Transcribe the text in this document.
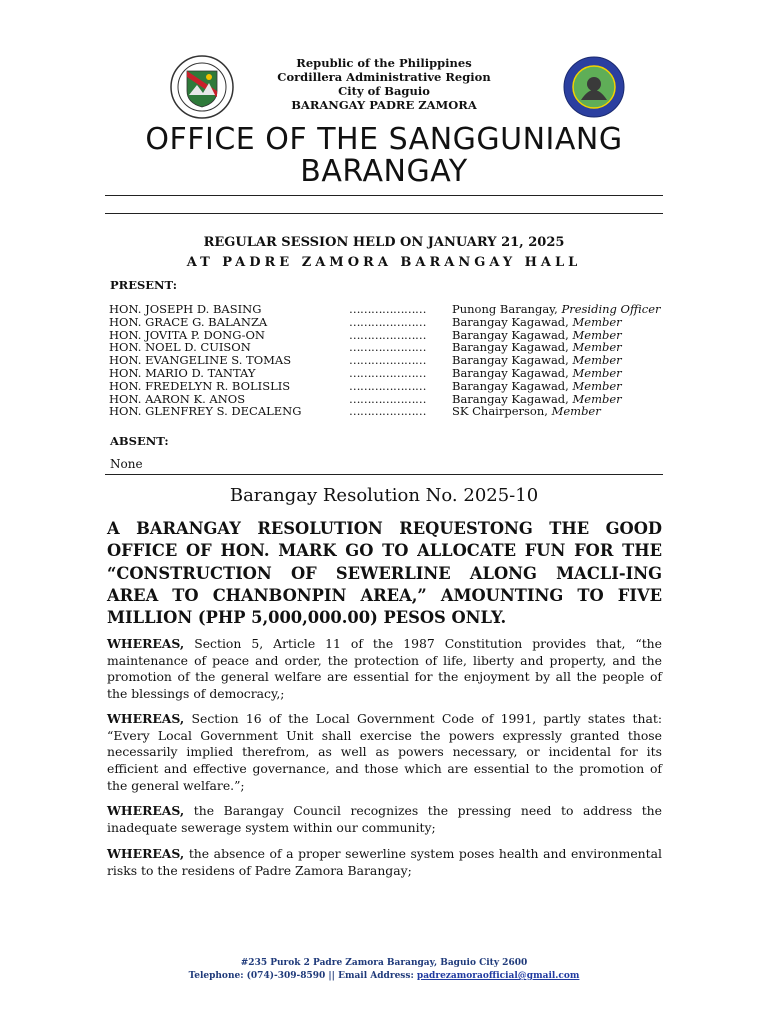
Republic of the Philippines
Cordillera Administrative Region
City of Baguio
BARANGAY PADRE ZAMORA
OFFICE OF THE SANGGUNIANG
BARANGAY
REGULAR SESSION HELD ON JANUARY 21, 2025
AT PADRE ZAMORA BARANGAY HALL
PRESENT:
HON. JOSEPH D. BASING	………………… Punong Barangay, Presiding Officer
HON. GRACE G. BALANZA	………………… Barangay Kagawad, Member
HON. JOVITA P. DONG-ON	………………… Barangay Kagawad, Member
HON. NOEL D. CUISON	………………… Barangay Kagawad, Member
HON. EVANGELINE S. TOMAS	………………… Barangay Kagawad, Member
HON. MARIO D. TANTAY	………………… Barangay Kagawad, Member
HON. FREDELYN R. BOLISLIS	………………… Barangay Kagawad, Member
HON. AARON K. ANOS	………………… Barangay Kagawad, Member
HON. GLENFREY S. DECALENG	………………… SK Chairperson, Member
ABSENT:
None
Barangay Resolution No. 2025-10
A BARANGAY RESOLUTION REQUESTONG THE GOOD OFFICE OF HON. MARK GO TO ALLOCATE FUN FOR THE “CONSTRUCTION OF SEWERLINE ALONG MACLI-ING AREA TO CHANBONPIN AREA,” AMOUNTING TO FIVE MILLION (PHP 5,000,000.00) PESOS ONLY.
WHEREAS, Section 5, Article 11 of the 1987 Constitution provides that, “the maintenance of peace and order, the protection of life, liberty and property, and the promotion of the general welfare are essential for the enjoyment by all the people of the blessings of democracy,;
WHEREAS, Section 16 of the Local Government Code of 1991, partly states that: “Every Local Government Unit shall exercise the powers expressly granted those necessarily implied therefrom, as well as powers necessary, or incidental for its efficient and effective governance, and those which are essential to the promotion of the general welfare.”;
WHEREAS, the Barangay Council recognizes the pressing need to address the inadequate sewerage system within our community;
WHEREAS, the absence of a proper sewerline system poses health and environmental risks to the residens of Padre Zamora Barangay;
#235 Purok 2 Padre Zamora Barangay, Baguio City 2600
Telephone: (074)-309-8590 || Email Address: padrezamoraofficial@gmail.com
